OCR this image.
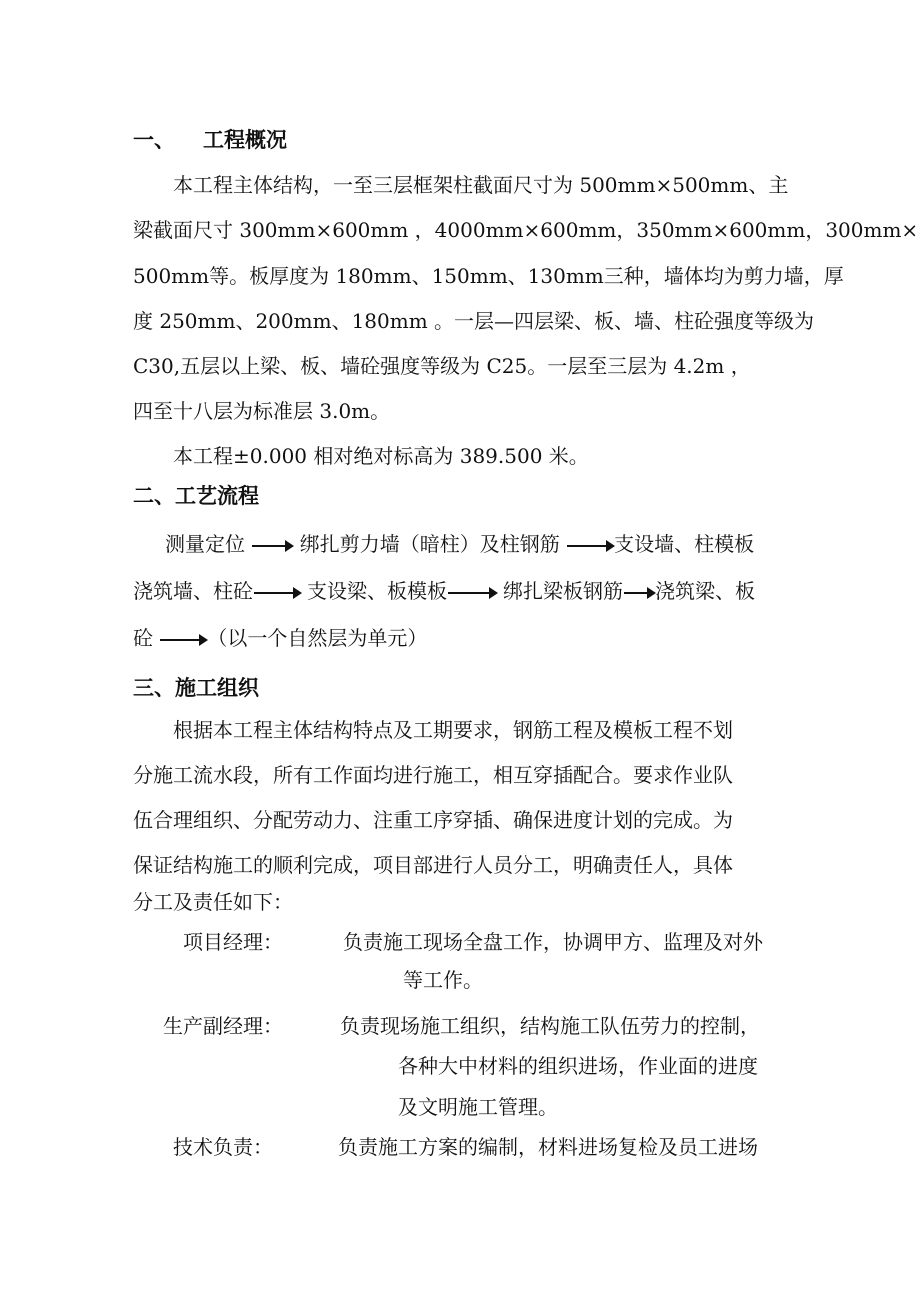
一、 工程概况
本工程主体结构，一至三层框架柱截面尺寸为 500mm×500mm、主
梁截面尺寸 300mm×600mm ，4000mm×600mm，350mm×600mm，300mm×
500mm等。板厚度为 180mm、150mm、130mm三种，墙体均为剪力墙，厚
度 250mm、200mm、180mm 。一层—四层梁、板、墙、柱砼强度等级为
C30,五层以上梁、板、墙砼强度等级为 C25。一层至三层为 4.2m ，
四至十八层为标准层 3.0m。
本工程±0.000 相对绝对标高为 389.500 米。
二、工艺流程
测量定位	绑扎剪力墙（暗柱）及柱钢筋	支设墙、柱模板
浇筑墙、柱砼	支设梁、板模板	绑扎梁板钢筋 浇筑梁、板
砼	（以一个自然层为单元）
三、施工组织
根据本工程主体结构特点及工期要求，钢筋工程及模板工程不划
分施工流水段，所有工作面均进行施工，相互穿插配合。要求作业队
伍合理组织、分配劳动力、注重工序穿插、确保进度计划的完成。为
保证结构施工的顺利完成，项目部进行人员分工，明确责任人，具体
分工及责任如下：
项目经理：	负责施工现场全盘工作，协调甲方、监理及对外
等工作。
生产副经理：	负责现场施工组织，结构施工队伍劳力的控制，
各种大中材料的组织进场，作业面的进度
及文明施工管理。
技术负责：	负责施工方案的编制，材料进场复检及员工进场
